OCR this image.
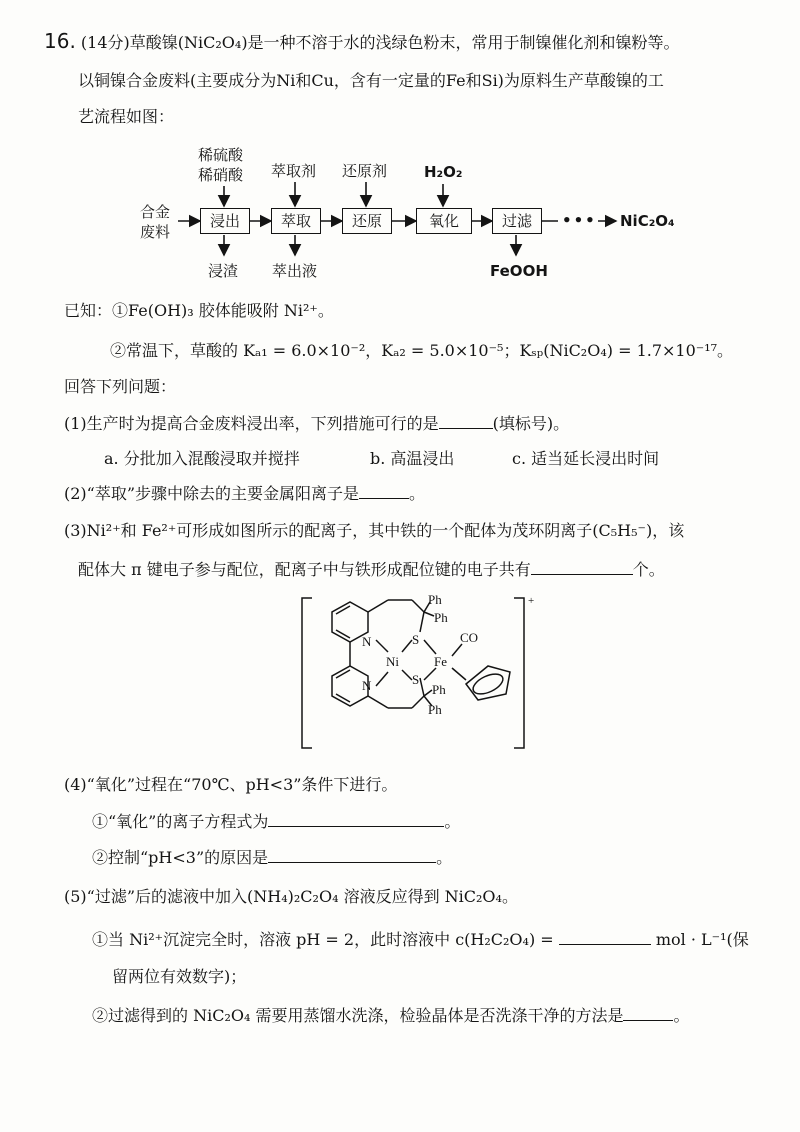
16. (14分)草酸镍(NiC₂O₄)是一种不溶于水的浅绿色粉末，常用于制镍催化剂和镍粉等。
以铜镍合金废料(主要成分为Ni和Cu，含有一定量的Fe和Si)为原料生产草酸镍的工
艺流程如图：
浸出	萃取	还原	氧化	过滤
合金
废料
稀硫酸
稀硝酸 萃取剂 还原剂 H₂O₂
浸渣 萃出液	FeOOH
••• NiC₂O₄
已知：①Fe(OH)₃ 胶体能吸附 Ni²⁺。
②常温下，草酸的 Kₐ₁ = 6.0×10⁻²，Kₐ₂ = 5.0×10⁻⁵；Kₛₚ(NiC₂O₄) = 1.7×10⁻¹⁷。
回答下列问题：
(1)生产时为提高合金废料浸出率，下列措施可行的是	(填标号)。
a. 分批加入混酸浸取并搅拌	b. 高温浸出	c. 适当延长浸出时间
(2)“萃取”步骤中除去的主要金属阳离子是	。
(3)Ni²⁺和 Fe²⁺可形成如图所示的配离子，其中铁的一个配体为茂环阴离子(C₅H₅⁻)，该
配体大 π 键电子参与配位，配离子中与铁形成配位键的电子共有	个。
N
N
Ni
S
S
Fe
CO
Ph
Ph
Ph
Ph
+
(4)“氧化”过程在“70℃、pH<3”条件下进行。
①“氧化”的离子方程式为	。
②控制“pH<3”的原因是	。
(5)“过滤”后的滤液中加入(NH₄)₂C₂O₄ 溶液反应得到 NiC₂O₄。
①当 Ni²⁺沉淀完全时，溶液 pH = 2，此时溶液中 c(H₂C₂O₄) =	mol · L⁻¹(保
留两位有效数字)；
②过滤得到的 NiC₂O₄ 需要用蒸馏水洗涤，检验晶体是否洗涤干净的方法是	。
